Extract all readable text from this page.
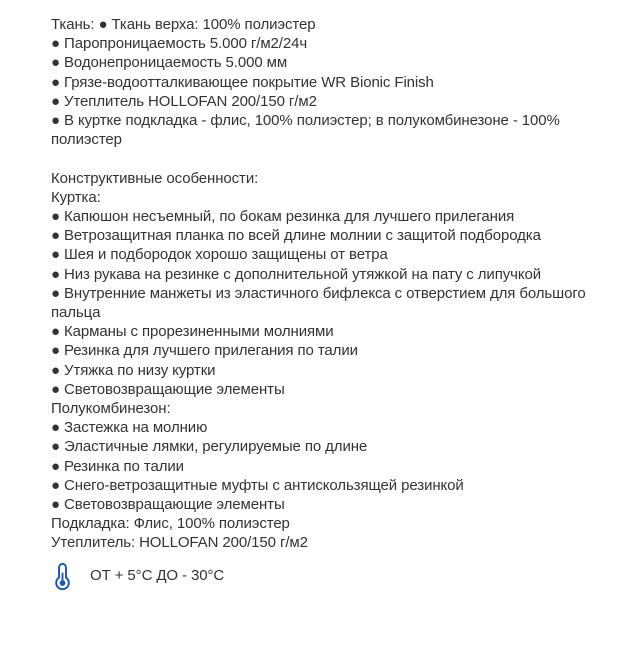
Ткань: ● Ткань верха: 100% полиэстер
● Паропроницаемость 5.000 г/м2/24ч
● Водонепроницаемость 5.000 мм
● Грязе-водоотталкивающее покрытие WR Bionic Finish
● Утеплитель HOLLOFAN 200/150 г/м2
● В куртке подкладка - флис, 100% полиэстер; в полукомбинезоне - 100% полиэстер
Конструктивные особенности:
Куртка:
● Капюшон несъемный, по бокам резинка для лучшего прилегания
● Ветрозащитная планка по всей длине молнии с защитой подбородка
● Шея и подбородок хорошо защищены от ветра
● Низ рукава на резинке с дополнительной утяжкой на пату с липучкой
● Внутренние манжеты из эластичного бифлекса с отверстием для большого пальца
● Карманы с прорезиненными молниями
● Резинка для лучшего прилегания по талии
● Утяжка по низу куртки
● Световозвращающие элементы
Полукомбинезон:
● Застежка на молнию
● Эластичные лямки, регулируемые по длине
● Резинка по талии
● Снего-ветрозащитные муфты с антискользящей резинкой
● Световозвращающие элементы
Подкладка: Флис, 100% полиэстер
Утеплитель: HOLLOFAN 200/150 г/м2
ОТ + 5°С ДО - 30°С
